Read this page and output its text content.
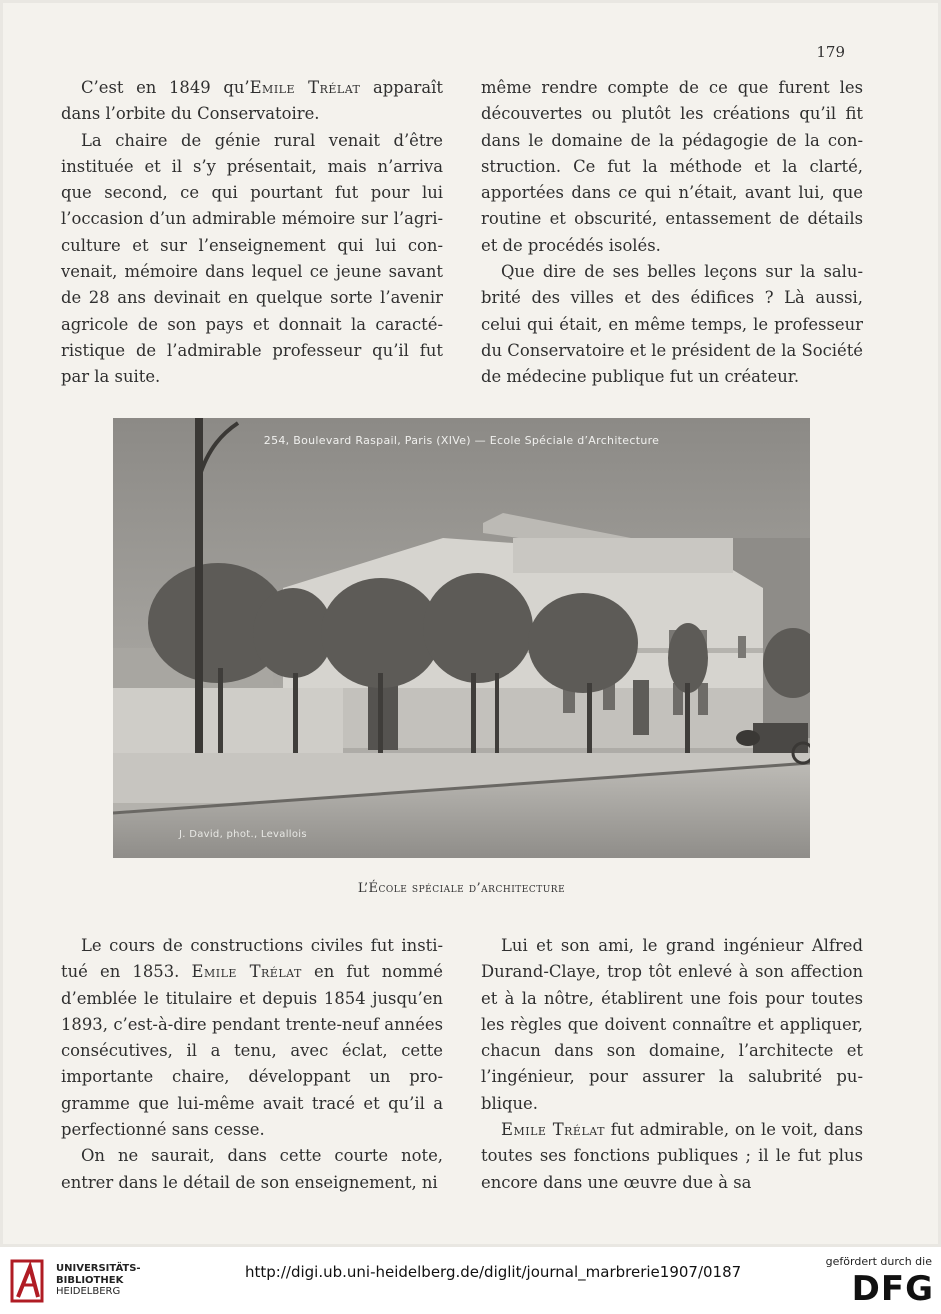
179

C’est en 1849 qu’Emile Trélat apparaît dans l’orbite du Conservatoire.

La chaire de génie rural venait d’être instituée et il s’y présentait, mais n’arriva que second, ce qui pourtant fut pour lui l’occasion d’un admirable mémoire sur l’agri-culture et sur l’enseignement qui lui con-venait, mémoire dans lequel ce jeune savant de 28 ans devinait en quelque sorte l’avenir agricole de son pays et donnait la caracté-ristique de l’admirable professeur qu’il fut par la suite.

même rendre compte de ce que furent les découvertes ou plutôt les créations qu’il fit dans le domaine de la pédagogie de la con-struction. Ce fut la méthode et la clarté, apportées dans ce qui n’était, avant lui, que routine et obscurité, entassement de détails et de procédés isolés.

Que dire de ses belles leçons sur la salu-brité des villes et des édifices ? Là aussi, celui qui était, en même temps, le professeur du Conservatoire et le président de la Société de médecine publique fut un créateur.

254, Boulevard Raspail, Paris (XIVe) — Ecole Spéciale d’Architecture
J. David, phot., Levallois
L’École spéciale d’architecture

Le cours de constructions civiles fut insti-tué en 1853. Emile Trélat en fut nommé d’emblée le titulaire et depuis 1854 jusqu’en 1893, c’est-à-dire pendant trente-neuf années consécutives, il a tenu, avec éclat, cette importante chaire, développant un pro-gramme que lui-même avait tracé et qu’il a perfectionné sans cesse.

On ne saurait, dans cette courte note, entrer dans le détail de son enseignement, ni

Lui et son ami, le grand ingénieur Alfred Durand-Claye, trop tôt enlevé à son affection et à la nôtre, établirent une fois pour toutes les règles que doivent connaître et appliquer, chacun dans son domaine, l’architecte et l’ingénieur, pour assurer la salubrité pu-blique.

Emile Trélat fut admirable, on le voit, dans toutes ses fonctions publiques ; il le fut plus encore dans une œuvre due à sa

UNIVERSITÄTS-
BIBLIOTHEK
HEIDELBERG
http://digi.ub.uni-heidelberg.de/diglit/journal_marbrerie1907/0187
gefördert durch die
DFG
